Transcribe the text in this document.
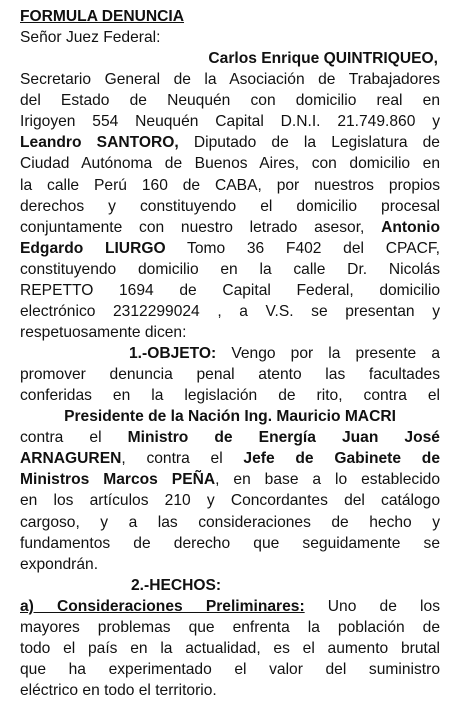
FORMULA DENUNCIA
Señor Juez Federal:
Carlos Enrique QUINTRIQUEO,
Secretario General de la Asociación de Trabajadores
del Estado de Neuquén con domicilio real en
Irigoyen 554 Neuquén Capital D.N.I. 21.749.860 y
Leandro SANTORO, Diputado de la Legislatura de
Ciudad Autónoma de Buenos Aires, con domicilio en
la calle Perú 160 de CABA, por nuestros propios
derechos y constituyendo el domicilio procesal
conjuntamente con nuestro letrado asesor, Antonio
Edgardo LIURGO Tomo 36 F402 del CPACF,
constituyendo domicilio en la calle Dr. Nicolás
REPETTO 1694 de Capital Federal, domicilio
electrónico 2312299024 , a V.S. se presentan y
respetuosamente dicen:
1.-OBJETO: Vengo por la presente a
promover denuncia penal atento las facultades
conferidas en la legislación de rito, contra el
Presidente de la Nación Ing. Mauricio MACRI
contra el Ministro de Energía Juan José
ARNAGUREN, contra el Jefe de Gabinete de
Ministros Marcos PEÑA, en base a lo establecido
en los artículos 210 y Concordantes del catálogo
cargoso, y a las consideraciones de hecho y
fundamentos de derecho que seguidamente se
expondrán.
2.-HECHOS:
a) Consideraciones Preliminares: Uno de los
mayores problemas que enfrenta la población de
todo el país en la actualidad, es el aumento brutal
que ha experimentado el valor del suministro
eléctrico en todo el territorio.
